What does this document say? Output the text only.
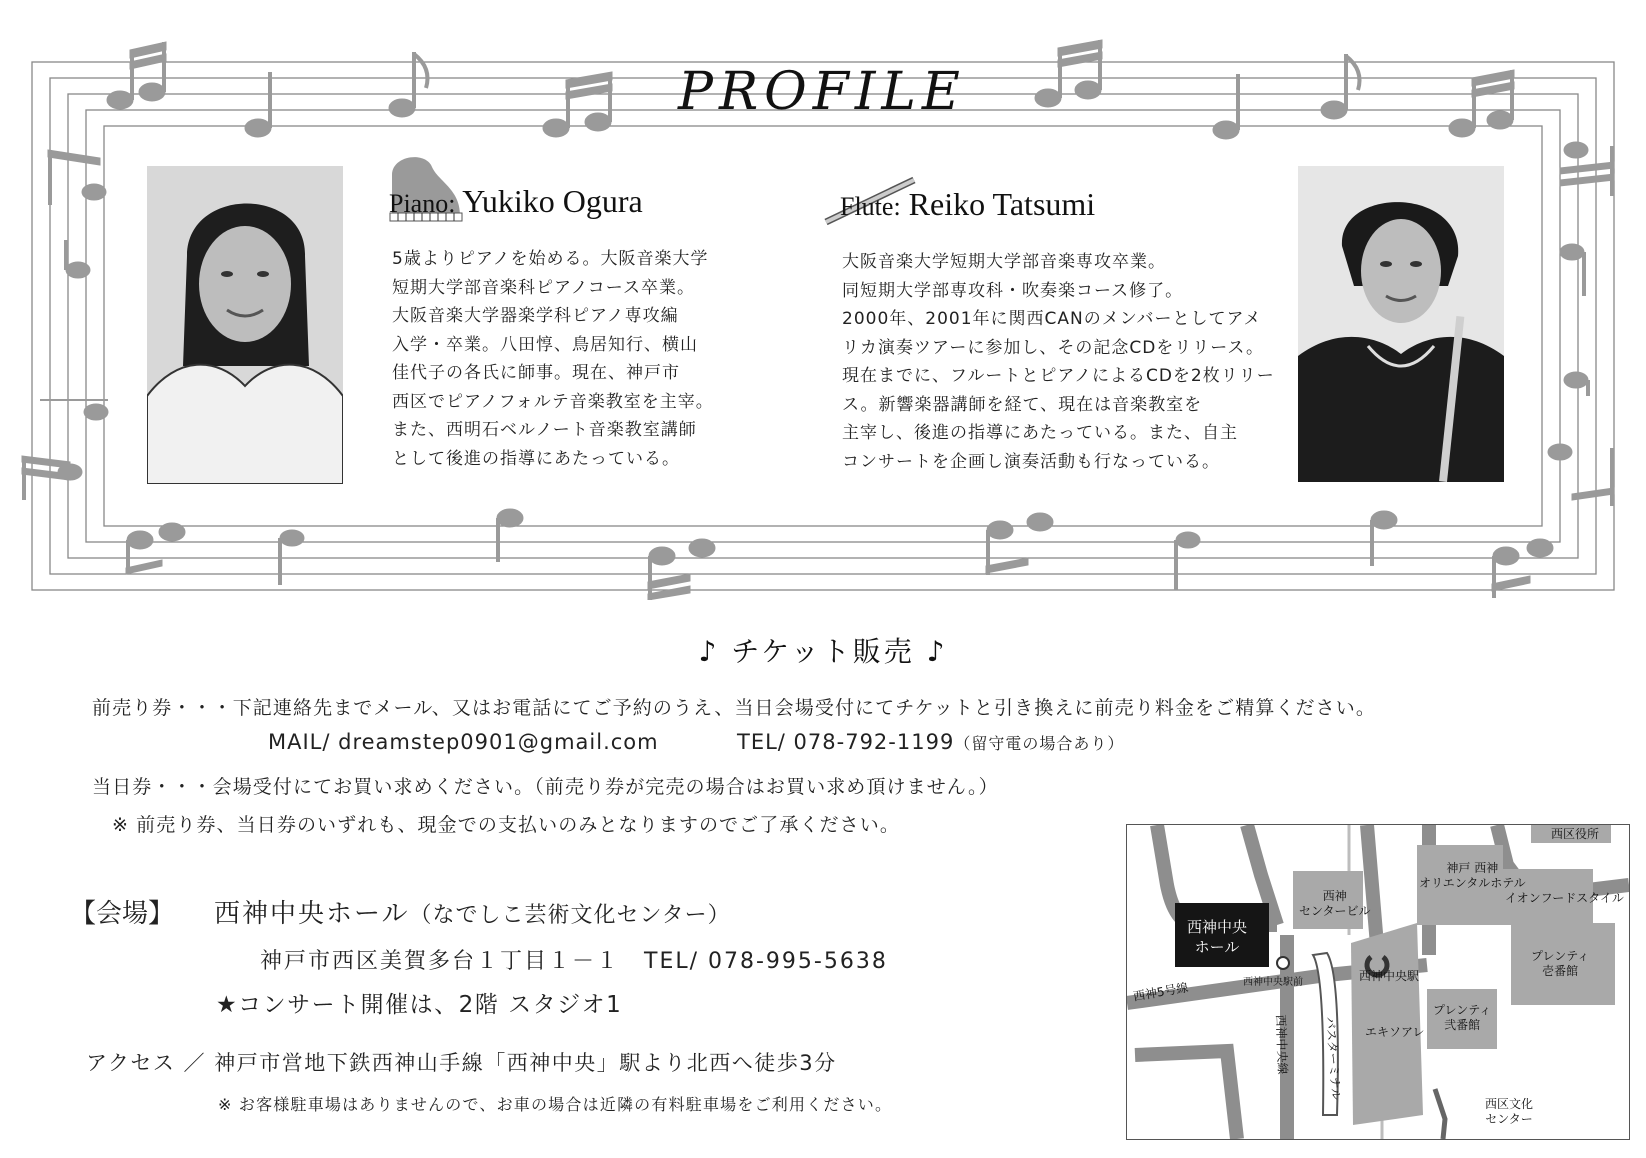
PROFILE
Piano: Yukiko Ogura
5歳よりピアノを始める。大阪音楽大学
短期大学部音楽科ピアノコース卒業。
大阪音楽大学器楽学科ピアノ専攻編
入学・卒業。八田惇、鳥居知行、横山
佳代子の各氏に師事。現在、神戸市
西区でピアノフォルテ音楽教室を主宰。
また、西明石ベルノート音楽教室講師
として後進の指導にあたっている。
Flute: Reiko Tatsumi
大阪音楽大学短期大学部音楽専攻卒業。
同短期大学部専攻科・吹奏楽コース修了。
2000年、2001年に関西CANのメンバーとしてアメ
リカ演奏ツアーに参加し、その記念CDをリリース。
現在までに、フルートとピアノによるCDを2枚リリー
ス。新響楽器講師を経て、現在は音楽教室を
主宰し、後進の指導にあたっている。また、自主
コンサートを企画し演奏活動も行なっている。
♪ チケット販売 ♪
前売り券・・・下記連絡先までメール、又はお電話にてご予約のうえ、当日会場受付にてチケットと引き換えに前売り料金をご精算ください。
MAIL/ dreamstep0901@gmail.com	TEL/ 078-792-1199（留守電の場合あり）
当日券・・・会場受付にてお買い求めください。（前売り券が完売の場合はお買い求め頂けません。）
※ 前売り券、当日券のいずれも、現金での支払いのみとなりますのでご了承ください。
【会場】 西神中央ホール（なでしこ芸術文化センター）
神戸市西区美賀多台１丁目１－１　TEL/ 078-995-5638
★コンサート開催は、2階 スタジオ1
アクセス ／ 神戸市営地下鉄西神山手線「西神中央」駅より北西へ徒歩3分
※ お客様駐車場はありませんので、お車の場合は近隣の有料駐車場をご利用ください。
西区役所
神戸 西神
オリエンタルホテル
イオンフードスタイル
西神
センタービル
西神中央
ホール
西神中央駅
西神中央駅前
西神5号線
プレンティ
壱番館
プレンティ
弐番館
バスターミナル
西神中央線	エキソアレ
西区文化
センター
